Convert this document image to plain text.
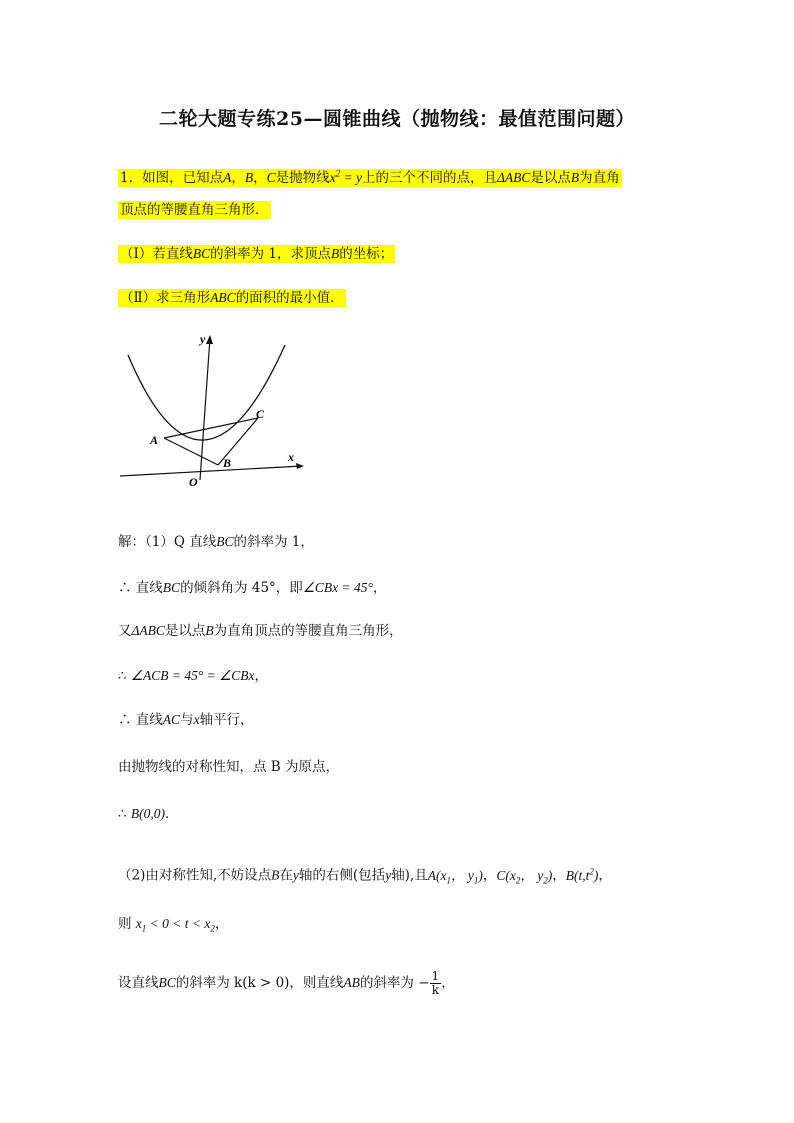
二轮大题专练25—圆锥曲线（抛物线：最值范围问题）
1．如图，已知点A，B，C是抛物线$x^2 = y$上的三个不同的点，且ΔABC是以点B为直角
顶点的等腰直角三角形．
（Ⅰ）若直线BC的斜率为 1，求顶点B的坐标；
（Ⅱ）求三角形ABC的面积的最小值．
y
x
O
A
B
C
解：（1）Q 直线BC的斜率为 1，
∴ 直线BC的倾斜角为 45°，即∠CBx = 45°，
又ΔABC是以点B为直角顶点的等腰直角三角形，
∴ ∠ACB = 45° = ∠CBx，
∴ 直线AC与x轴平行，
由抛物线的对称性知，点 B 为原点，
∴ B(0,0)．
（2)由对称性知,不妨设点B在y轴的右侧(包括y轴),且$A(x_1$， $y_1$)，$C(x_2$， $y_2$)，$B(t,t^2)$，
则 $x_1 < 0 < t < x_2$，
设直线BC的斜率为 k(k > 0)，则直线AB的斜率为 − $\frac{1}{k}$ ，
